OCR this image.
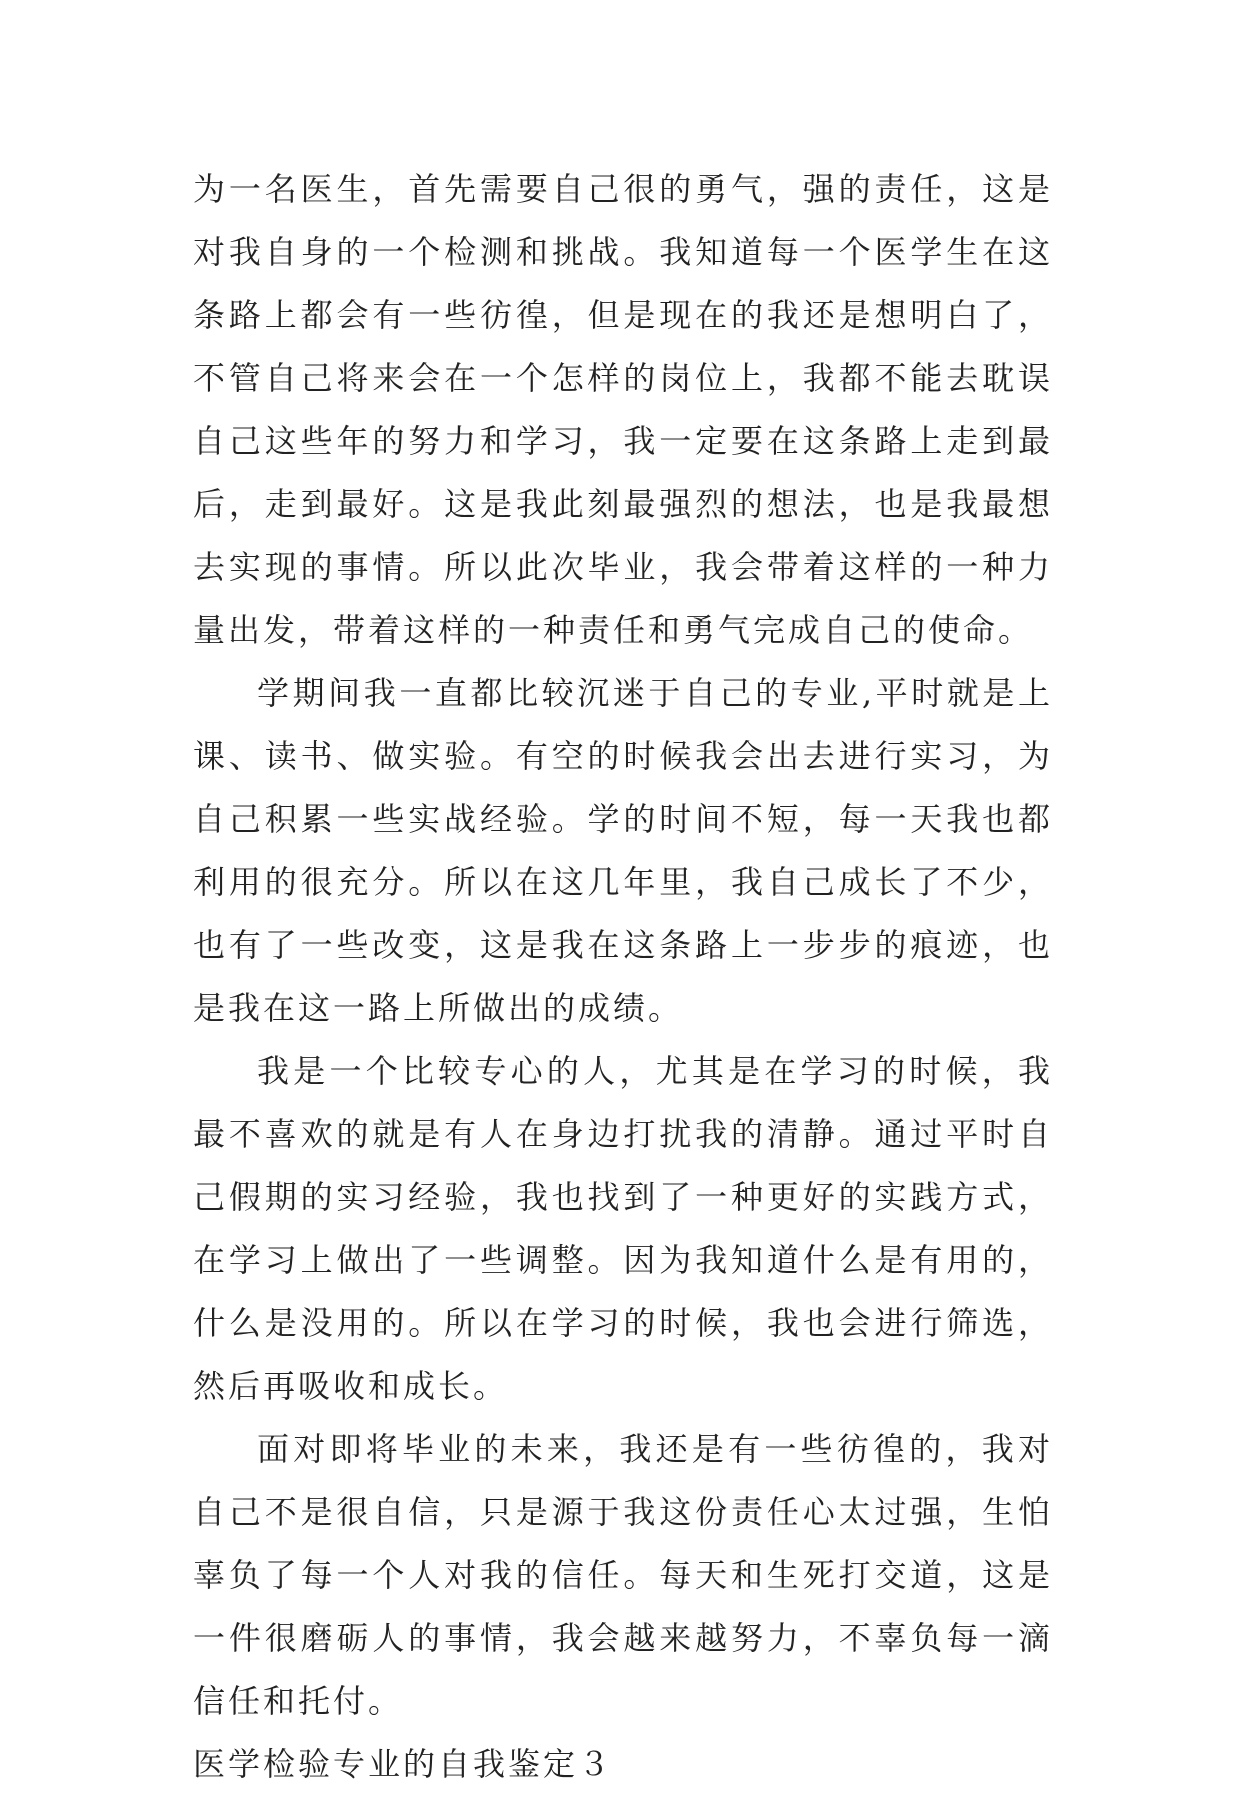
为一名医生，首先需要自己很的勇气，强的责任，这是对我自身的一个检测和挑战。我知道每一个医学生在这条路上都会有一些彷徨，但是现在的我还是想明白了，不管自己将来会在一个怎样的岗位上，我都不能去耽误自己这些年的努力和学习，我一定要在这条路上走到最后，走到最好。这是我此刻最强烈的想法，也是我最想去实现的事情。所以此次毕业，我会带着这样的一种力量出发，带着这样的一种责任和勇气完成自己的使命。

学期间我一直都比较沉迷于自己的专业,平时就是上课、读书、做实验。有空的时候我会出去进行实习，为自己积累一些实战经验。学的时间不短，每一天我也都利用的很充分。所以在这几年里，我自己成长了不少，也有了一些改变，这是我在这条路上一步步的痕迹，也是我在这一路上所做出的成绩。

我是一个比较专心的人，尤其是在学习的时候，我最不喜欢的就是有人在身边打扰我的清静。通过平时自己假期的实习经验，我也找到了一种更好的实践方式，在学习上做出了一些调整。因为我知道什么是有用的，什么是没用的。所以在学习的时候，我也会进行筛选，然后再吸收和成长。

面对即将毕业的未来，我还是有一些彷徨的，我对自己不是很自信，只是源于我这份责任心太过强，生怕辜负了每一个人对我的信任。每天和生死打交道，这是一件很磨砺人的事情，我会越来越努力，不辜负每一滴信任和托付。

医学检验专业的自我鉴定３
